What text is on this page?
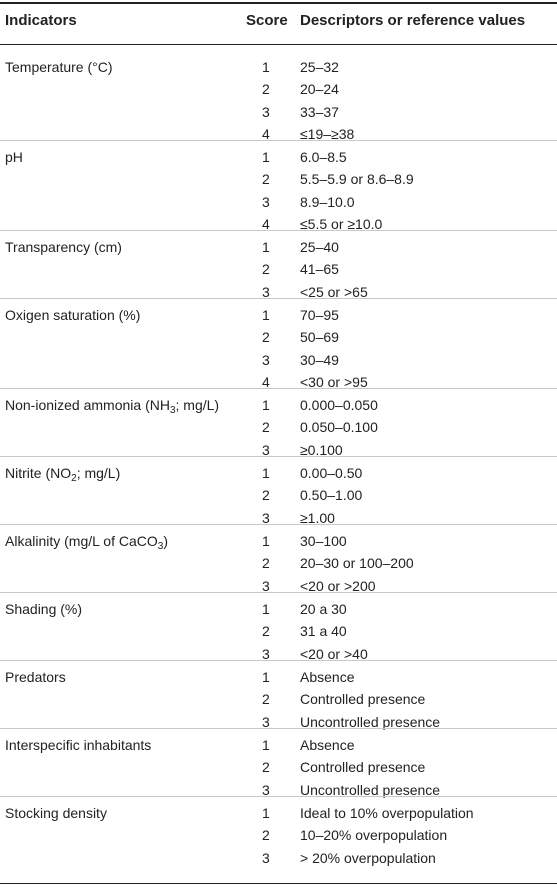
Indicators	Score Descriptors or reference values
Temperature (°C)	1 25–32
2 20–24
3 33–37
4 ≤19–≥38
pH	1 6.0–8.5
2 5.5–5.9 or 8.6–8.9
3 8.9–10.0
4 ≤5.5 or ≥10.0
Transparency (cm)	1 25–40
2 41–65
3 <25 or >65
Oxigen saturation (%)	1 70–95
2 50–69
3 30–49
4 <30 or >95
Non-ionized ammonia ($NH_3$; mg/L)	1 0.000–0.050
2 0.050–0.100
3 ≥0.100
Nitrite ($NO_2$; mg/L)	1 0.00–0.50
2 0.50–1.00
3 ≥1.00
Alkalinity (mg/L of CaCO$_3$)	1 30–100
2 20–30 or 100–200
3 <20 or >200
Shading (%)	1 20 a 30
2 31 a 40
3 <20 or >40
Predators	1 Absence
2 Controlled presence
3 Uncontrolled presence
Interspecific inhabitants	1 Absence
2 Controlled presence
3 Uncontrolled presence
Stocking density	1 Ideal to 10% overpopulation
2 10–20% overpopulation
3 > 20% overpopulation
